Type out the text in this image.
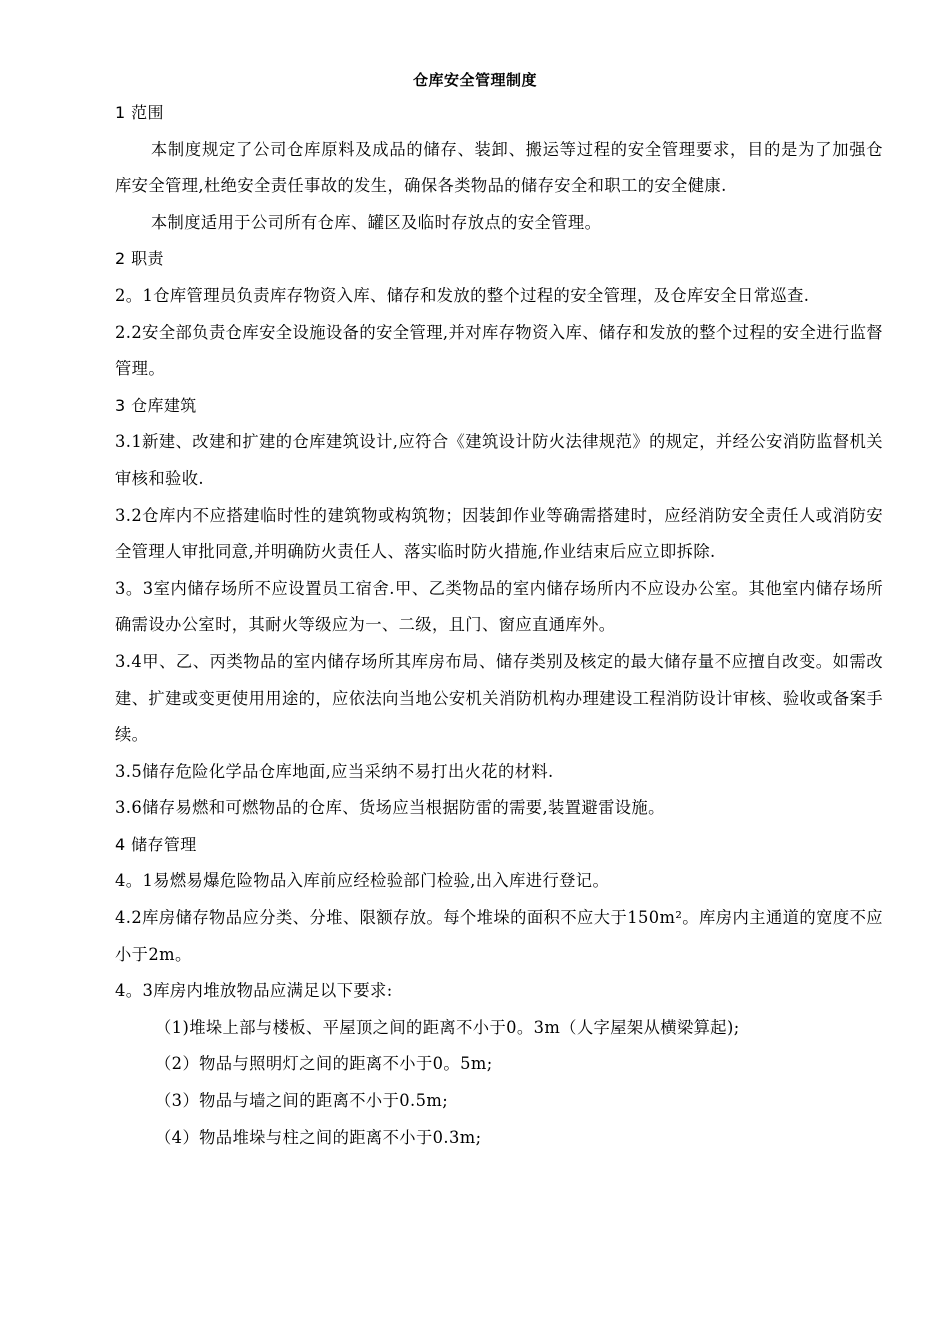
仓库安全管理制度

1 范围

本制度规定了公司仓库原料及成品的储存、装卸、搬运等过程的安全管理要求，目的是为了加强仓库安全管理,杜绝安全责任事故的发生，确保各类物品的储存安全和职工的安全健康.

本制度适用于公司所有仓库、罐区及临时存放点的安全管理。

2 职责

2。1仓库管理员负责库存物资入库、储存和发放的整个过程的安全管理，及仓库安全日常巡查.

2.2安全部负责仓库安全设施设备的安全管理,并对库存物资入库、储存和发放的整个过程的安全进行监督管理。

3 仓库建筑

3.1新建、改建和扩建的仓库建筑设计,应符合《建筑设计防火法律规范》的规定，并经公安消防监督机关审核和验收.

3.2仓库内不应搭建临时性的建筑物或构筑物；因装卸作业等确需搭建时，应经消防安全责任人或消防安全管理人审批同意,并明确防火责任人、落实临时防火措施,作业结束后应立即拆除.

3。3室内储存场所不应设置员工宿舍.甲、乙类物品的室内储存场所内不应设办公室。其他室内储存场所确需设办公室时，其耐火等级应为一、二级，且门、窗应直通库外。

3.4甲、乙、丙类物品的室内储存场所其库房布局、储存类别及核定的最大储存量不应擅自改变。如需改建、扩建或变更使用用途的，应依法向当地公安机关消防机构办理建设工程消防设计审核、验收或备案手续。

3.5储存危险化学品仓库地面,应当采纳不易打出火花的材料.

3.6储存易燃和可燃物品的仓库、货场应当根据防雷的需要,装置避雷设施。

4 储存管理

4。1易燃易爆危险物品入库前应经检验部门检验,出入库进行登记。

4.2库房储存物品应分类、分堆、限额存放。每个堆垛的面积不应大于150m²。库房内主通道的宽度不应小于2m。

4。3库房内堆放物品应满足以下要求:

（1)堆垛上部与楼板、平屋顶之间的距离不小于0。3m（人字屋架从横梁算起);

（2）物品与照明灯之间的距离不小于0。5m;

（3）物品与墙之间的距离不小于0.5m;

（4）物品堆垛与柱之间的距离不小于0.3m;
